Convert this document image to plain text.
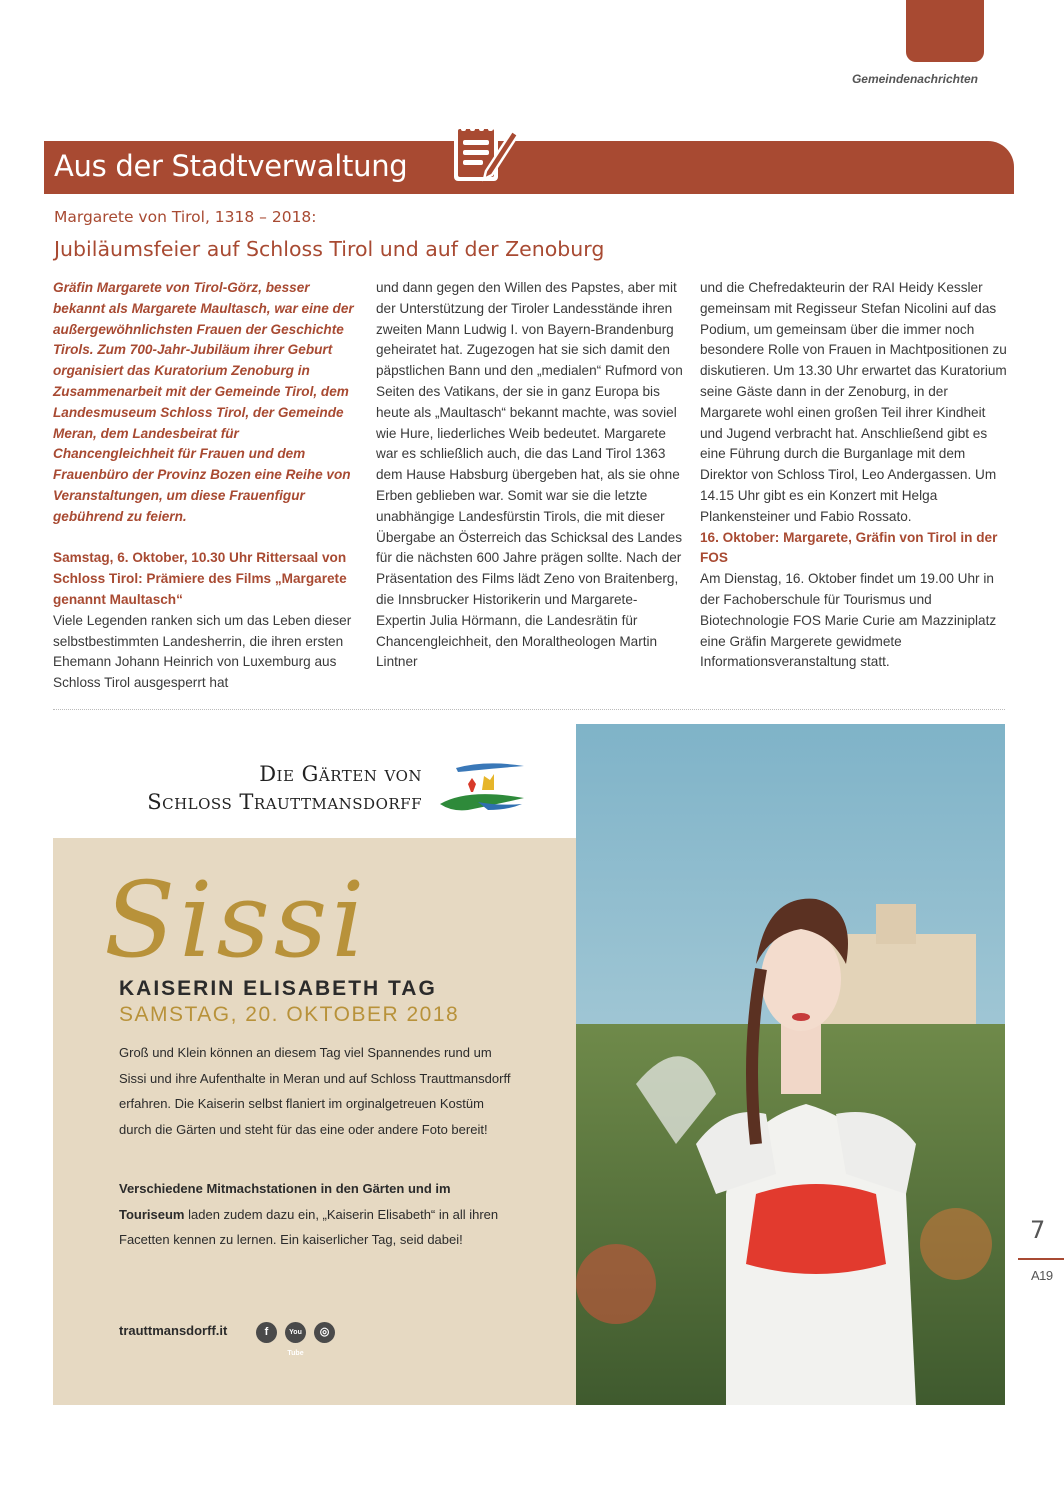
Gemeindenachrichten
Aus der Stadtverwaltung
Margarete von Tirol, 1318 – 2018:
Jubiläumsfeier auf Schloss Tirol und auf der Zenoburg
Gräfin Margarete von Tirol-Görz, besser bekannt als Margarete Maultasch, war eine der außergewöhnlichsten Frauen der Geschichte Tirols. Zum 700-Jahr-Jubiläum ihrer Geburt organisiert das Kuratorium Zenoburg in Zusammenarbeit mit der Gemeinde Tirol, dem Landesmuseum Schloss Tirol, der Gemeinde Meran, dem Landesbeirat für Chancengleichheit für Frauen und dem Frauenbüro der Provinz Bozen eine Reihe von Veranstaltungen, um diese Frauenfigur gebührend zu feiern.
Samstag, 6. Oktober, 10.30 Uhr Rittersaal von Schloss Tirol: Prämiere des Films „Margarete genannt Maultasch“
Viele Legenden ranken sich um das Leben dieser selbstbestimmten Landesherrin, die ihren ersten Ehemann Johann Heinrich von Luxemburg aus Schloss Tirol ausgesperrt hat
und dann gegen den Willen des Papstes, aber mit der Unterstützung der Tiroler Landesstände ihren zweiten Mann Ludwig I. von Bayern-Brandenburg geheiratet hat. Zugezogen hat sie sich damit den päpstlichen Bann und den „medialen“ Rufmord von Seiten des Vatikans, der sie in ganz Europa bis heute als „Maultasch“ bekannt machte, was soviel wie Hure, liederliches Weib bedeutet. Margarete war es schließlich auch, die das Land Tirol 1363 dem Hause Habsburg übergeben hat, als sie ohne Erben geblieben war. Somit war sie die letzte unabhängige Landesfürstin Tirols, die mit dieser Übergabe an Österreich das Schicksal des Landes für die nächsten 600 Jahre prägen sollte. Nach der Präsentation des Films lädt Zeno von Braitenberg, die Innsbrucker Historikerin und Margarete-Expertin Julia Hörmann, die Landesrätin für Chancengleichheit, den Moraltheologen Martin Lintner
und die Chefredakteurin der RAI Heidy Kessler gemeinsam mit Regisseur Stefan Nicolini auf das Podium, um gemeinsam über die immer noch besondere Rolle von Frauen in Machtpositionen zu diskutieren. Um 13.30 Uhr erwartet das Kuratorium seine Gäste dann in der Zenoburg, in der Margarete wohl einen großen Teil ihrer Kindheit und Jugend verbracht hat. Anschließend gibt es eine Führung durch die Burganlage mit dem Direktor von Schloss Tirol, Leo Andergassen. Um 14.15 Uhr gibt es ein Konzert mit Helga Plankensteiner und Fabio Rossato.
16. Oktober: Margarete, Gräfin von Tirol in der FOS
Am Dienstag, 16. Oktober findet um 19.00 Uhr in der Fachoberschule für Tourismus und Biotechnologie FOS Marie Curie am Mazziniplatz eine Gräfin Margerete gewidmete Informationsveranstaltung statt.
Die Gärten von
Schloss Trauttmansdorff
Sissi
KAISERIN ELISABETH TAG
SAMSTAG, 20. OKTOBER 2018
Groß und Klein können an diesem Tag viel Spannendes rund um Sissi und ihre Aufenthalte in Meran und auf Schloss Trauttmansdorff erfahren. Die Kaiserin selbst flaniert im orginalgetreuen Kostüm durch die Gärten und steht für das eine oder andere Foto bereit!
Verschiedene Mitmachstationen in den Gärten und im Touriseum laden zudem dazu ein, „Kaiserin Elisabeth“ in all ihren Facetten kennen zu lernen. Ein kaiserlicher Tag, seid dabei!
trauttmansdorff.it	f	You Tube
◎
7
A19
